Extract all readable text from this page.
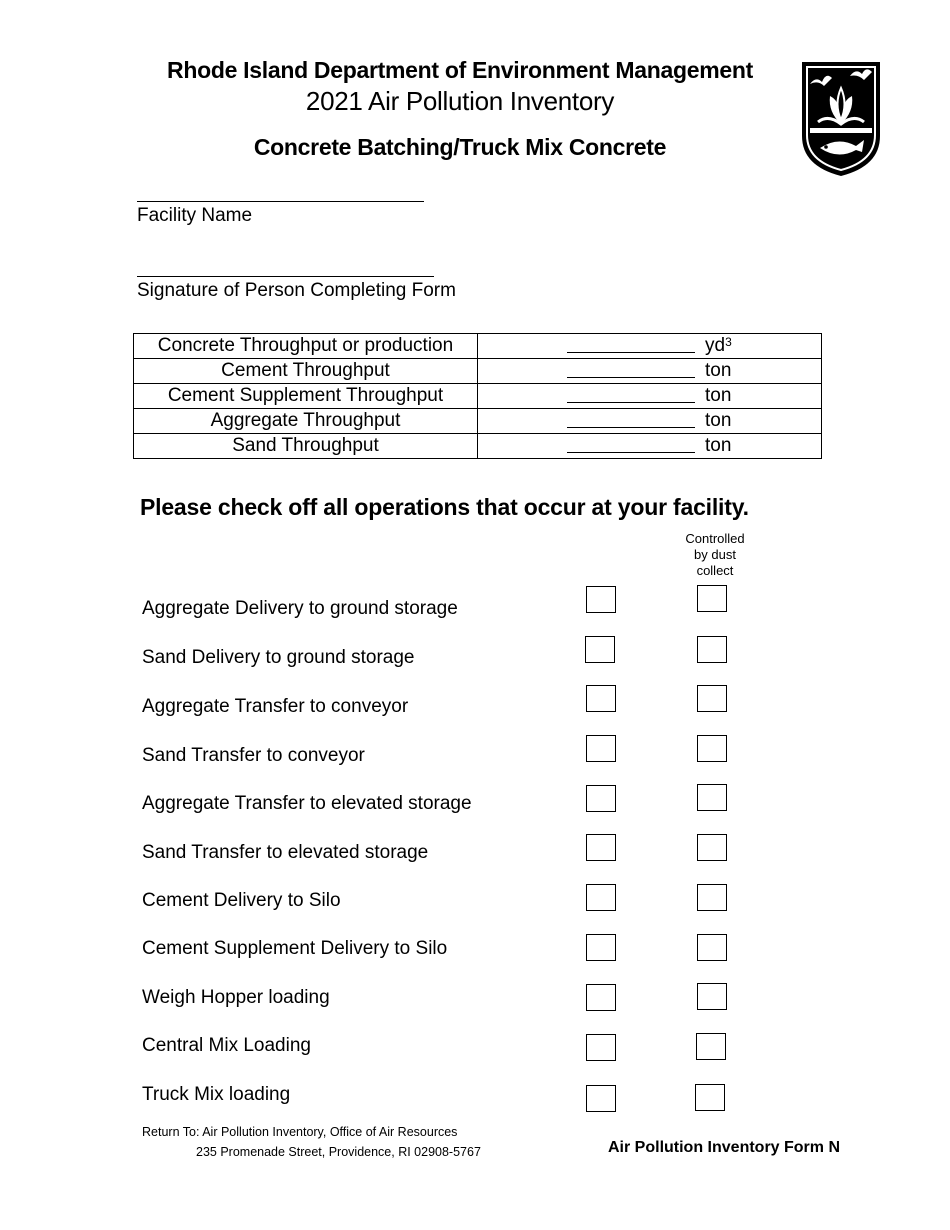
Rhode Island Department of Environment Management
2021 Air Pollution Inventory
Concrete Batching/Truck Mix Concrete
Facility Name
Signature of Person Completing Form
Concrete Throughput or production	$yd^3$

Cement Throughput	ton

Cement Supplement Throughput	ton

Aggregate Throughput	ton

Sand Throughput	ton
Please check off all operations that occur at your facility.
Controlled
by dust
collect
Aggregate Delivery to ground storage
Sand Delivery to ground storage
Aggregate Transfer to conveyor
Sand Transfer to conveyor
Aggregate Transfer to elevated storage
Sand Transfer to elevated storage
Cement Delivery to Silo
Cement Supplement Delivery to Silo
Weigh Hopper loading
Central Mix Loading
Truck Mix loading
Return To: Air Pollution Inventory, Office of Air Resources
235 Promenade Street, Providence, RI 02908-5767	Air Pollution Inventory Form N
